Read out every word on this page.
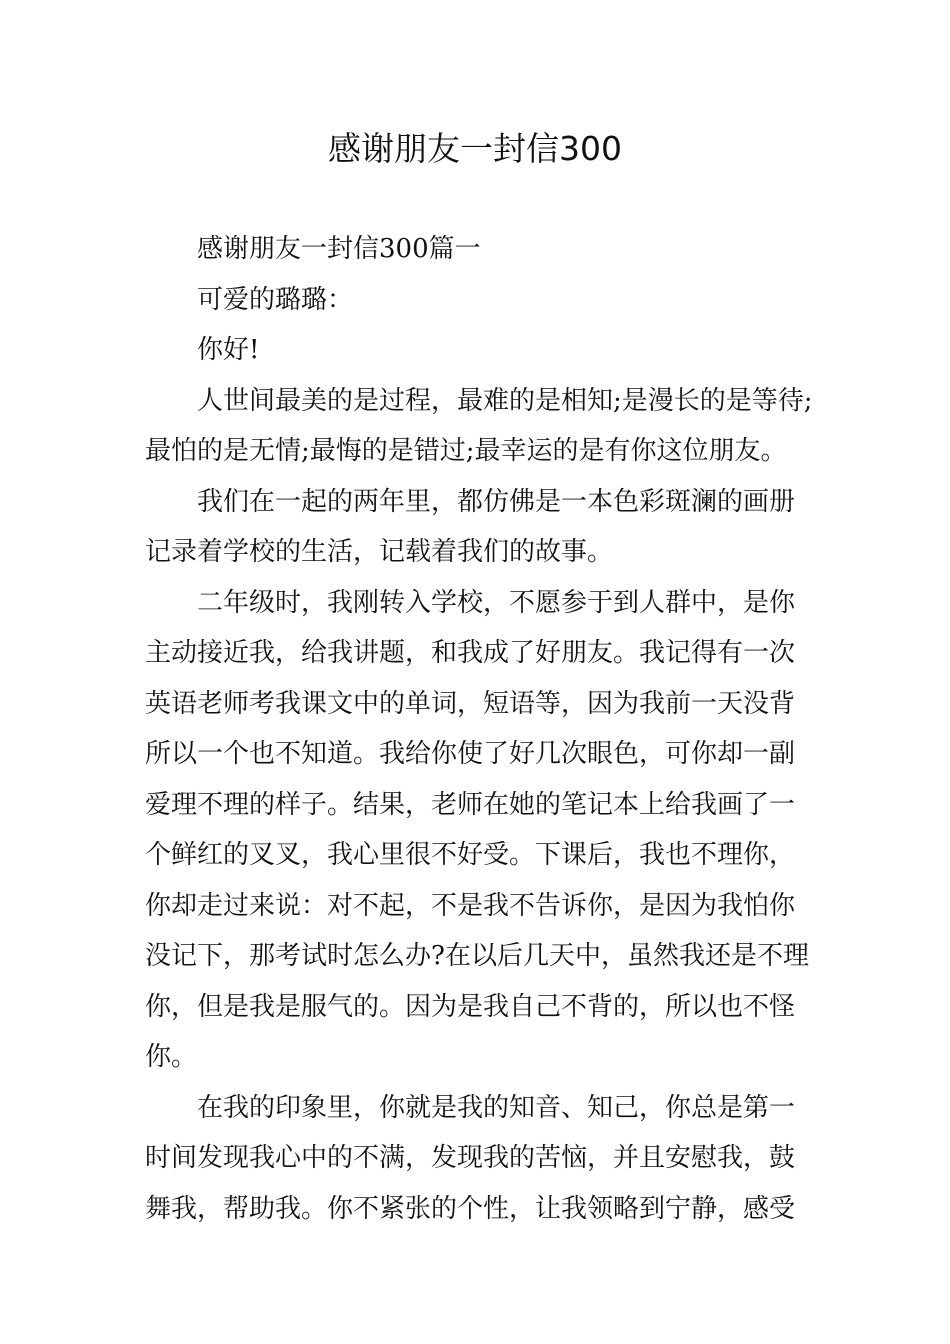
感谢朋友一封信300

感谢朋友一封信300篇一

可爱的璐璐：

你好!

人世间最美的是过程，最难的是相知;是漫长的是等待;
最怕的是无情;最悔的是错过;最幸运的是有你这位朋友。

我们在一起的两年里，都仿佛是一本色彩斑澜的画册
记录着学校的生活，记载着我们的故事。

二年级时，我刚转入学校，不愿参于到人群中，是你
主动接近我，给我讲题，和我成了好朋友。我记得有一次
英语老师考我课文中的单词，短语等，因为我前一天没背
所以一个也不知道。我给你使了好几次眼色，可你却一副
爱理不理的样子。结果，老师在她的笔记本上给我画了一
个鲜红的叉叉，我心里很不好受。下课后，我也不理你，
你却走过来说：对不起，不是我不告诉你，是因为我怕你
没记下，那考试时怎么办?在以后几天中，虽然我还是不理
你，但是我是服气的。因为是我自己不背的，所以也不怪
你。

在我的印象里，你就是我的知音、知己，你总是第一
时间发现我心中的不满，发现我的苦恼，并且安慰我，鼓
舞我，帮助我。你不紧张的个性，让我领略到宁静，感受
